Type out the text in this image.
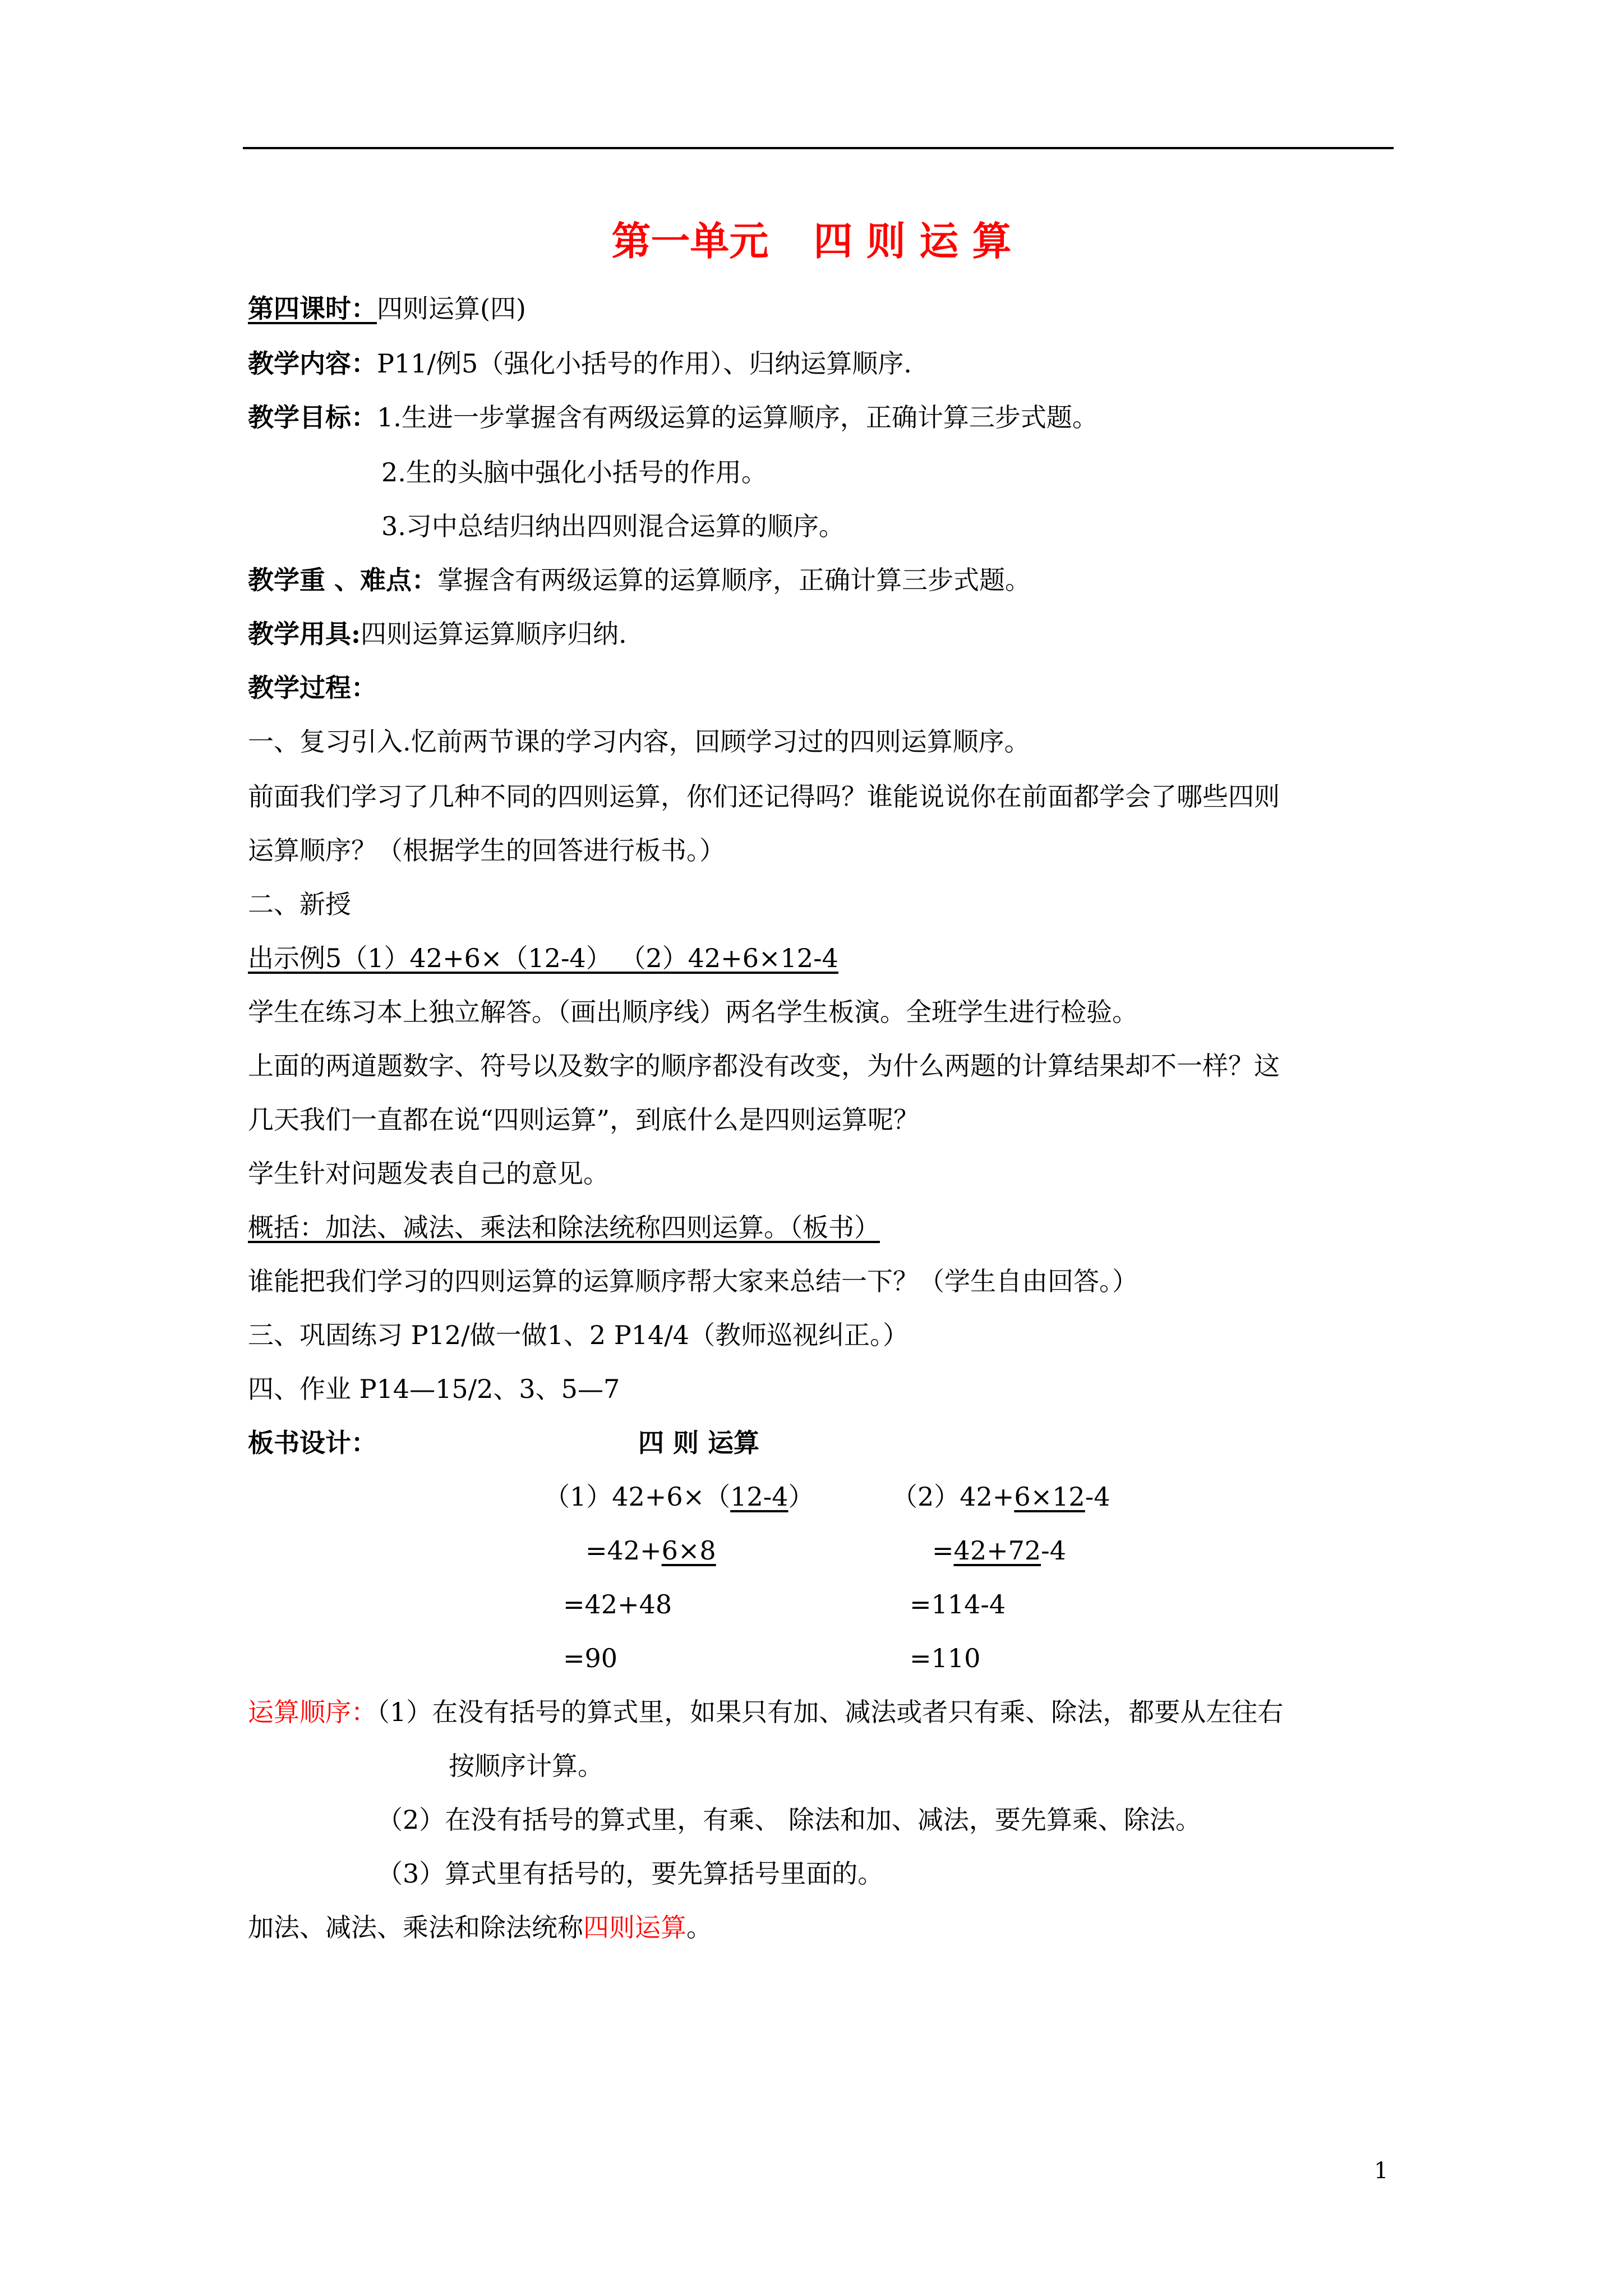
第一单元 四 则 运 算
第四课时：四则运算(四)
教学内容：P11/例5（强化小括号的作用）、归纳运算顺序.
教学目标：1.生进一步掌握含有两级运算的运算顺序，正确计算三步式题。
2.生的头脑中强化小括号的作用。
3.习中总结归纳出四则混合运算的顺序。
教学重 、难点：掌握含有两级运算的运算顺序，正确计算三步式题。
教学用具:四则运算运算顺序归纳.
教学过程：
一、复习引入.忆前两节课的学习内容，回顾学习过的四则运算顺序。
前面我们学习了几种不同的四则运算，你们还记得吗？谁能说说你在前面都学会了哪些四则
运算顺序？（根据学生的回答进行板书。）
二、新授
出示例5（1）42+6×（12-4） （2）42+6×12-4
学生在练习本上独立解答。（画出顺序线）两名学生板演。全班学生进行检验。
上面的两道题数字、符号以及数字的顺序都没有改变，为什么两题的计算结果却不一样？这
几天我们一直都在说“四则运算”，到底什么是四则运算呢？
学生针对问题发表自己的意见。
概括：加法、减法、乘法和除法统称四则运算。（板书）
谁能把我们学习的四则运算的运算顺序帮大家来总结一下？（学生自由回答。）
三、巩固练习 P12/做一做1、2 P14/4（教师巡视纠正。）
四、作业 P14—15/2、3、5—7
板书设计：	四 则 运算
（1）42+6×（12-4）
=42+6×8
=42+48
=90
（2）42+6×12-4
=42+72-4
=114-4
=110
运算顺序：（1）在没有括号的算式里，如果只有加、减法或者只有乘、除法，都要从左往右
按顺序计算。
（2）在没有括号的算式里，有乘、 除法和加、减法，要先算乘、除法。
（3）算式里有括号的，要先算括号里面的。
加法、减法、乘法和除法统称四则运算。
1
